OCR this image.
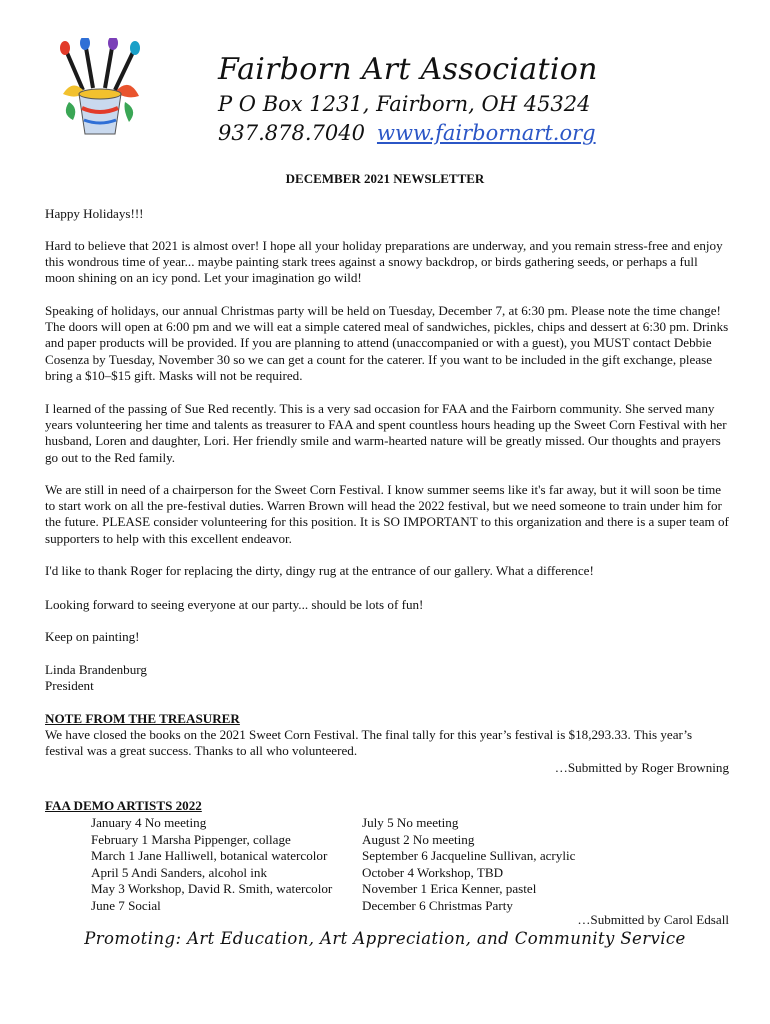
Fairborn Art Association
P O Box 1231, Fairborn, OH 45324
937.878.7040 www.fairbornart.org
DECEMBER 2021 NEWSLETTER

Happy Holidays!!!

Hard to believe that 2021 is almost over! I hope all your holiday preparations are underway, and you remain stress-free and enjoy this wondrous time of year... maybe painting stark trees against a snowy backdrop, or birds gathering seeds, or perhaps a full moon shining on an icy pond. Let your imagination go wild!

Speaking of holidays, our annual Christmas party will be held on Tuesday, December 7, at 6:30 pm. Please note the time change! The doors will open at 6:00 pm and we will eat a simple catered meal of sandwiches, pickles, chips and dessert at 6:30 pm. Drinks and paper products will be provided. If you are planning to attend (unaccompanied or with a guest), you MUST contact Debbie Cosenza by Tuesday, November 30 so we can get a count for the caterer. If you want to be included in the gift exchange, please bring a $10–$15 gift. Masks will not be required.

I learned of the passing of Sue Red recently. This is a very sad occasion for FAA and the Fairborn community. She served many years volunteering her time and talents as treasurer to FAA and spent countless hours heading up the Sweet Corn Festival with her husband, Loren and daughter, Lori. Her friendly smile and warm-hearted nature will be greatly missed. Our thoughts and prayers go out to the Red family.

We are still in need of a chairperson for the Sweet Corn Festival. I know summer seems like it's far away, but it will soon be time to start work on all the pre-festival duties. Warren Brown will head the 2022 festival, but we need someone to train under him for the future. PLEASE consider volunteering for this position. It is SO IMPORTANT to this organization and there is a super team of supporters to help with this excellent endeavor.

I'd like to thank Roger for replacing the dirty, dingy rug at the entrance of our gallery. What a difference!

Looking forward to seeing everyone at our party... should be lots of fun!

Keep on painting!

Linda Brandenburg

President

NOTE FROM THE TREASURER

We have closed the books on the 2021 Sweet Corn Festival. The final tally for this year’s festival is $18,293.33. This year’s festival was a great success. Thanks to all who volunteered.

…Submitted by Roger Browning

FAA DEMO ARTISTS 2022

January 4 No meeting
February 1 Marsha Pippenger, collage
March 1 Jane Halliwell, botanical watercolor
April 5 Andi Sanders, alcohol ink
May 3 Workshop, David R. Smith, watercolor
June 7 Social
July 5 No meeting
August 2 No meeting
September 6 Jacqueline Sullivan, acrylic
October 4 Workshop, TBD
November 1 Erica Kenner, pastel
December 6 Christmas Party

…Submitted by Carol Edsall

Promoting: Art Education, Art Appreciation, and Community Service
